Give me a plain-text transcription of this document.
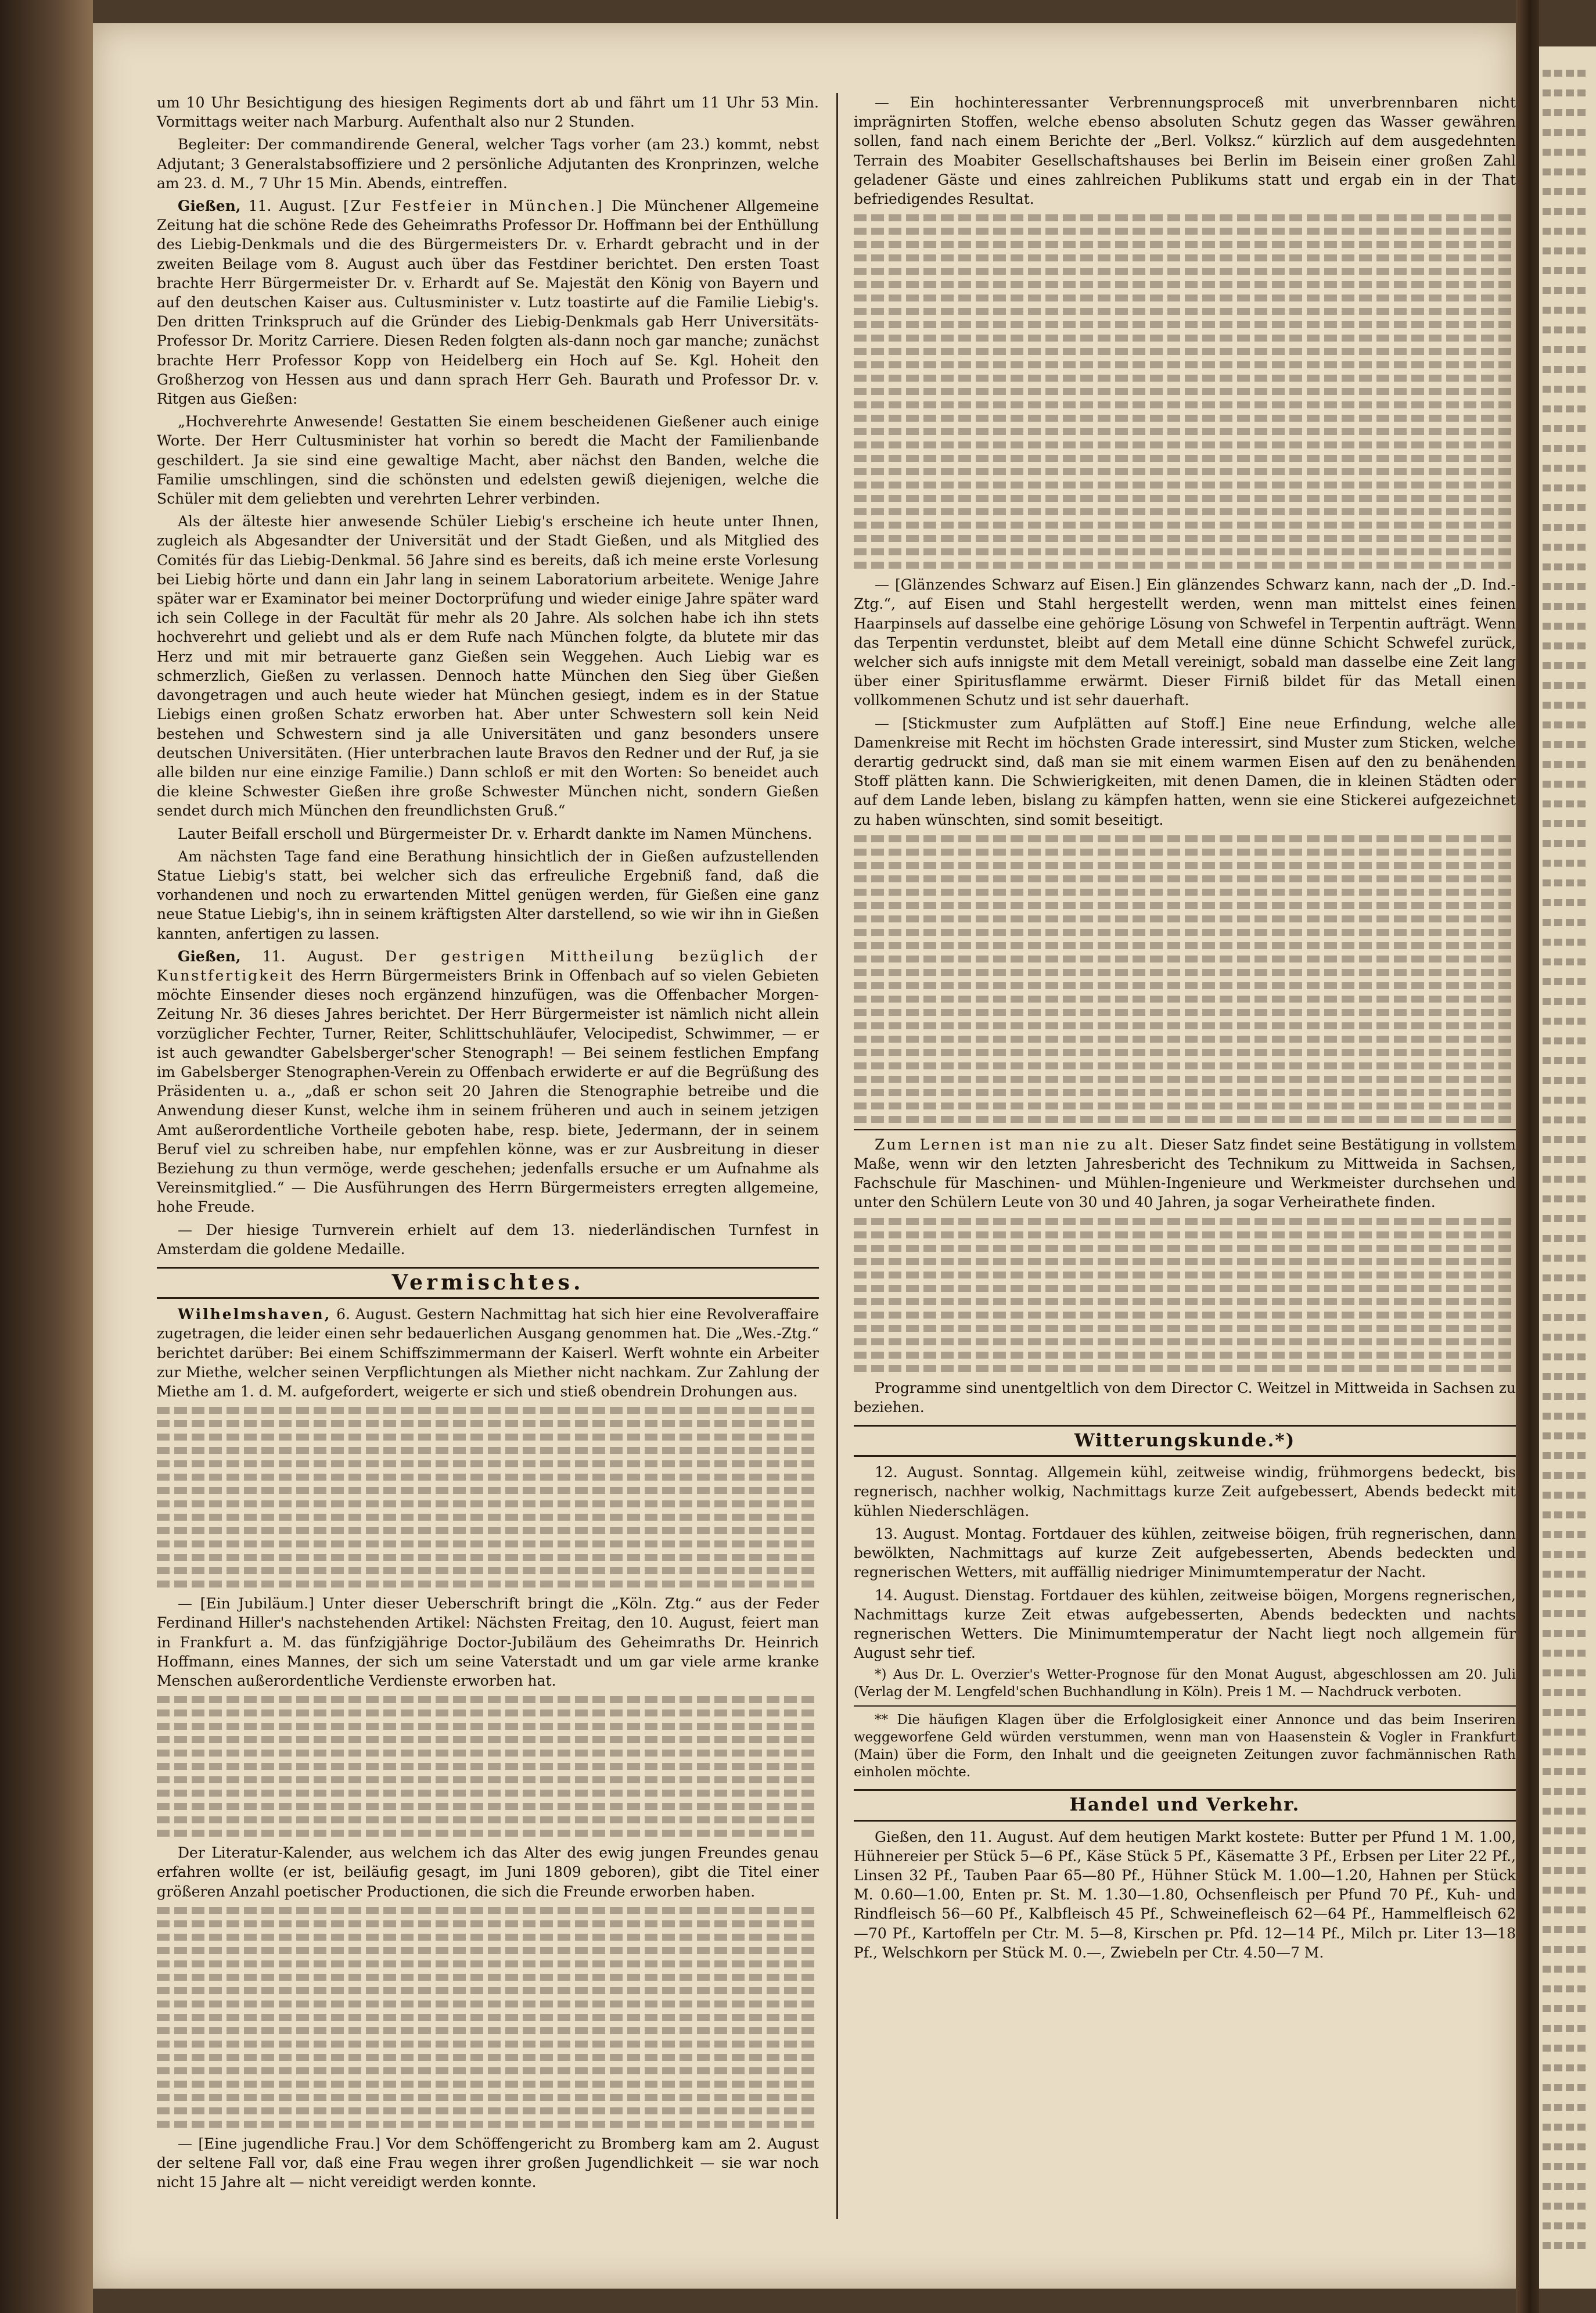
um 10 Uhr Besichtigung des hiesigen Regiments dort ab und fährt um 11 Uhr 53 Min. Vormittags weiter nach Marburg. Aufenthalt also nur 2 Stunden.

Begleiter: Der commandirende General, welcher Tags vorher (am 23.) kommt, nebst Adjutant; 3 Generalstabsoffiziere und 2 persönliche Adjutanten des Kronprinzen, welche am 23. d. M., 7 Uhr 15 Min. Abends, eintreffen.

Gießen, 11. August. [Zur Festfeier in München.] Die Münchener Allgemeine Zeitung hat die schöne Rede des Geheimraths Professor Dr. Hoffmann bei der Enthüllung des Liebig-Denkmals und die des Bürgermeisters Dr. v. Erhardt gebracht und in der zweiten Beilage vom 8. August auch über das Festdiner berichtet. Den ersten Toast brachte Herr Bürgermeister Dr. v. Erhardt auf Se. Majestät den König von Bayern und auf den deutschen Kaiser aus. Cultusminister v. Lutz toastirte auf die Familie Liebig's. Den dritten Trinkspruch auf die Gründer des Liebig-Denkmals gab Herr Universitäts-Professor Dr. Moritz Carriere. Diesen Reden folgten als-dann noch gar manche; zunächst brachte Herr Professor Kopp von Heidelberg ein Hoch auf Se. Kgl. Hoheit den Großherzog von Hessen aus und dann sprach Herr Geh. Baurath und Professor Dr. v. Ritgen aus Gießen:

„Hochverehrte Anwesende! Gestatten Sie einem bescheidenen Gießener auch einige Worte. Der Herr Cultusminister hat vorhin so beredt die Macht der Familienbande geschildert. Ja sie sind eine gewaltige Macht, aber nächst den Banden, welche die Familie umschlingen, sind die schönsten und edelsten gewiß diejenigen, welche die Schüler mit dem geliebten und verehrten Lehrer verbinden.

Als der älteste hier anwesende Schüler Liebig's erscheine ich heute unter Ihnen, zugleich als Abgesandter der Universität und der Stadt Gießen, und als Mitglied des Comités für das Liebig-Denkmal. 56 Jahre sind es bereits, daß ich meine erste Vorlesung bei Liebig hörte und dann ein Jahr lang in seinem Laboratorium arbeitete. Wenige Jahre später war er Examinator bei meiner Doctorprüfung und wieder einige Jahre später ward ich sein College in der Facultät für mehr als 20 Jahre. Als solchen habe ich ihn stets hochverehrt und geliebt und als er dem Rufe nach München folgte, da blutete mir das Herz und mit mir betrauerte ganz Gießen sein Weggehen. Auch Liebig war es schmerzlich, Gießen zu verlassen. Dennoch hatte München den Sieg über Gießen davongetragen und auch heute wieder hat München gesiegt, indem es in der Statue Liebigs einen großen Schatz erworben hat. Aber unter Schwestern soll kein Neid bestehen und Schwestern sind ja alle Universitäten und ganz besonders unsere deutschen Universitäten. (Hier unterbrachen laute Bravos den Redner und der Ruf, ja sie alle bilden nur eine einzige Familie.) Dann schloß er mit den Worten: So beneidet auch die kleine Schwester Gießen ihre große Schwester München nicht, sondern Gießen sendet durch mich München den freundlichsten Gruß.“

Lauter Beifall erscholl und Bürgermeister Dr. v. Erhardt dankte im Namen Münchens.

Am nächsten Tage fand eine Berathung hinsichtlich der in Gießen aufzustellenden Statue Liebig's statt, bei welcher sich das erfreuliche Ergebniß fand, daß die vorhandenen und noch zu erwartenden Mittel genügen werden, für Gießen eine ganz neue Statue Liebig's, ihn in seinem kräftigsten Alter darstellend, so wie wir ihn in Gießen kannten, anfertigen zu lassen.

Gießen, 11. August. Der gestrigen Mittheilung bezüglich der Kunstfertigkeit des Herrn Bürgermeisters Brink in Offenbach auf so vielen Gebieten möchte Einsender dieses noch ergänzend hinzufügen, was die Offenbacher Morgen-Zeitung Nr. 36 dieses Jahres berichtet. Der Herr Bürgermeister ist nämlich nicht allein vorzüglicher Fechter, Turner, Reiter, Schlittschuhläufer, Velocipedist, Schwimmer, — er ist auch gewandter Gabelsberger'scher Stenograph! — Bei seinem festlichen Empfang im Gabelsberger Stenographen-Verein zu Offenbach erwiderte er auf die Begrüßung des Präsidenten u. a., „daß er schon seit 20 Jahren die Stenographie betreibe und die Anwendung dieser Kunst, welche ihm in seinem früheren und auch in seinem jetzigen Amt außerordentliche Vortheile geboten habe, resp. biete, Jedermann, der in seinem Beruf viel zu schreiben habe, nur empfehlen könne, was er zur Ausbreitung in dieser Beziehung zu thun vermöge, werde geschehen; jedenfalls ersuche er um Aufnahme als Vereinsmitglied.“ — Die Ausführungen des Herrn Bürgermeisters erregten allgemeine, hohe Freude.

— Der hiesige Turnverein erhielt auf dem 13. niederländischen Turnfest in Amsterdam die goldene Medaille.

Vermischtes.

Wilhelmshaven, 6. August. Gestern Nachmittag hat sich hier eine Revolveraffaire zugetragen, die leider einen sehr bedauerlichen Ausgang genommen hat. Die „Wes.-Ztg.“ berichtet darüber: Bei einem Schiffszimmermann der Kaiserl. Werft wohnte ein Arbeiter zur Miethe, welcher seinen Verpflichtungen als Miether nicht nachkam. Zur Zahlung der Miethe am 1. d. M. aufgefordert, weigerte er sich und stieß obendrein Drohungen aus.

— [Ein Jubiläum.] Unter dieser Ueberschrift bringt die „Köln. Ztg.“ aus der Feder Ferdinand Hiller's nachstehenden Artikel: Nächsten Freitag, den 10. August, feiert man in Frankfurt a. M. das fünfzigjährige Doctor-Jubiläum des Geheimraths Dr. Heinrich Hoffmann, eines Mannes, der sich um seine Vaterstadt und um gar viele arme kranke Menschen außerordentliche Verdienste erworben hat.

Der Literatur-Kalender, aus welchem ich das Alter des ewig jungen Freundes genau erfahren wollte (er ist, beiläufig gesagt, im Juni 1809 geboren), gibt die Titel einer größeren Anzahl poetischer Productionen, die sich die Freunde erworben haben.

— [Eine jugendliche Frau.] Vor dem Schöffengericht zu Bromberg kam am 2. August der seltene Fall vor, daß eine Frau wegen ihrer großen Jugendlichkeit — sie war noch nicht 15 Jahre alt — nicht vereidigt werden konnte.

— Ein hochinteressanter Verbrennungsproceß mit unverbrennbaren nicht imprägnirten Stoffen, welche ebenso absoluten Schutz gegen das Wasser gewähren sollen, fand nach einem Berichte der „Berl. Volksz.“ kürzlich auf dem ausgedehnten Terrain des Moabiter Gesellschaftshauses bei Berlin im Beisein einer großen Zahl geladener Gäste und eines zahlreichen Publikums statt und ergab ein in der That befriedigendes Resultat.

— [Glänzendes Schwarz auf Eisen.] Ein glänzendes Schwarz kann, nach der „D. Ind.-Ztg.“, auf Eisen und Stahl hergestellt werden, wenn man mittelst eines feinen Haarpinsels auf dasselbe eine gehörige Lösung von Schwefel in Terpentin aufträgt. Wenn das Terpentin verdunstet, bleibt auf dem Metall eine dünne Schicht Schwefel zurück, welcher sich aufs innigste mit dem Metall vereinigt, sobald man dasselbe eine Zeit lang über einer Spiritusflamme erwärmt. Dieser Firniß bildet für das Metall einen vollkommenen Schutz und ist sehr dauerhaft.

— [Stickmuster zum Aufplätten auf Stoff.] Eine neue Erfindung, welche alle Damenkreise mit Recht im höchsten Grade interessirt, sind Muster zum Sticken, welche derartig gedruckt sind, daß man sie mit einem warmen Eisen auf den zu benähenden Stoff plätten kann. Die Schwierigkeiten, mit denen Damen, die in kleinen Städten oder auf dem Lande leben, bislang zu kämpfen hatten, wenn sie eine Stickerei aufgezeichnet zu haben wünschten, sind somit beseitigt.

Zum Lernen ist man nie zu alt. Dieser Satz findet seine Bestätigung in vollstem Maße, wenn wir den letzten Jahresbericht des Technikum zu Mittweida in Sachsen, Fachschule für Maschinen- und Mühlen-Ingenieure und Werkmeister durchsehen und unter den Schülern Leute von 30 und 40 Jahren, ja sogar Verheirathete finden.

Programme sind unentgeltlich von dem Director C. Weitzel in Mittweida in Sachsen zu beziehen.

Witterungskunde.*)

12. August. Sonntag. Allgemein kühl, zeitweise windig, frühmorgens bedeckt, bis regnerisch, nachher wolkig, Nachmittags kurze Zeit aufgebessert, Abends bedeckt mit kühlen Niederschlägen.

13. August. Montag. Fortdauer des kühlen, zeitweise böigen, früh regnerischen, dann bewölkten, Nachmittags auf kurze Zeit aufgebesserten, Abends bedeckten und regnerischen Wetters, mit auffällig niedriger Minimumtemperatur der Nacht.

14. August. Dienstag. Fortdauer des kühlen, zeitweise böigen, Morgens regnerischen, Nachmittags kurze Zeit etwas aufgebesserten, Abends bedeckten und nachts regnerischen Wetters. Die Minimumtemperatur der Nacht liegt noch allgemein für August sehr tief.

*) Aus Dr. L. Overzier's Wetter-Prognose für den Monat August, abgeschlossen am 20. Juli (Verlag der M. Lengfeld'schen Buchhandlung in Köln). Preis 1 M. — Nachdruck verboten.

** Die häufigen Klagen über die Erfolglosigkeit einer Annonce und das beim Inseriren weggeworfene Geld würden verstummen, wenn man von Haasenstein & Vogler in Frankfurt (Main) über die Form, den Inhalt und die geeigneten Zeitungen zuvor fachmännischen Rath einholen möchte.

Handel und Verkehr.

Gießen, den 11. August. Auf dem heutigen Markt kostete: Butter per Pfund 1 M. 1.00, Hühnereier per Stück 5—6 Pf., Käse Stück 5 Pf., Käsematte 3 Pf., Erbsen per Liter 22 Pf., Linsen 32 Pf., Tauben Paar 65—80 Pf., Hühner Stück M. 1.00—1.20, Hahnen per Stück M. 0.60—1.00, Enten pr. St. M. 1.30—1.80, Ochsenfleisch per Pfund 70 Pf., Kuh- und Rindfleisch 56—60 Pf., Kalbfleisch 45 Pf., Schweinefleisch 62—64 Pf., Hammelfleisch 62—70 Pf., Kartoffeln per Ctr. M. 5—8, Kirschen pr. Pfd. 12—14 Pf., Milch pr. Liter 13—18 Pf., Welschkorn per Stück M. 0.—, Zwiebeln per Ctr. 4.50—7 M.
